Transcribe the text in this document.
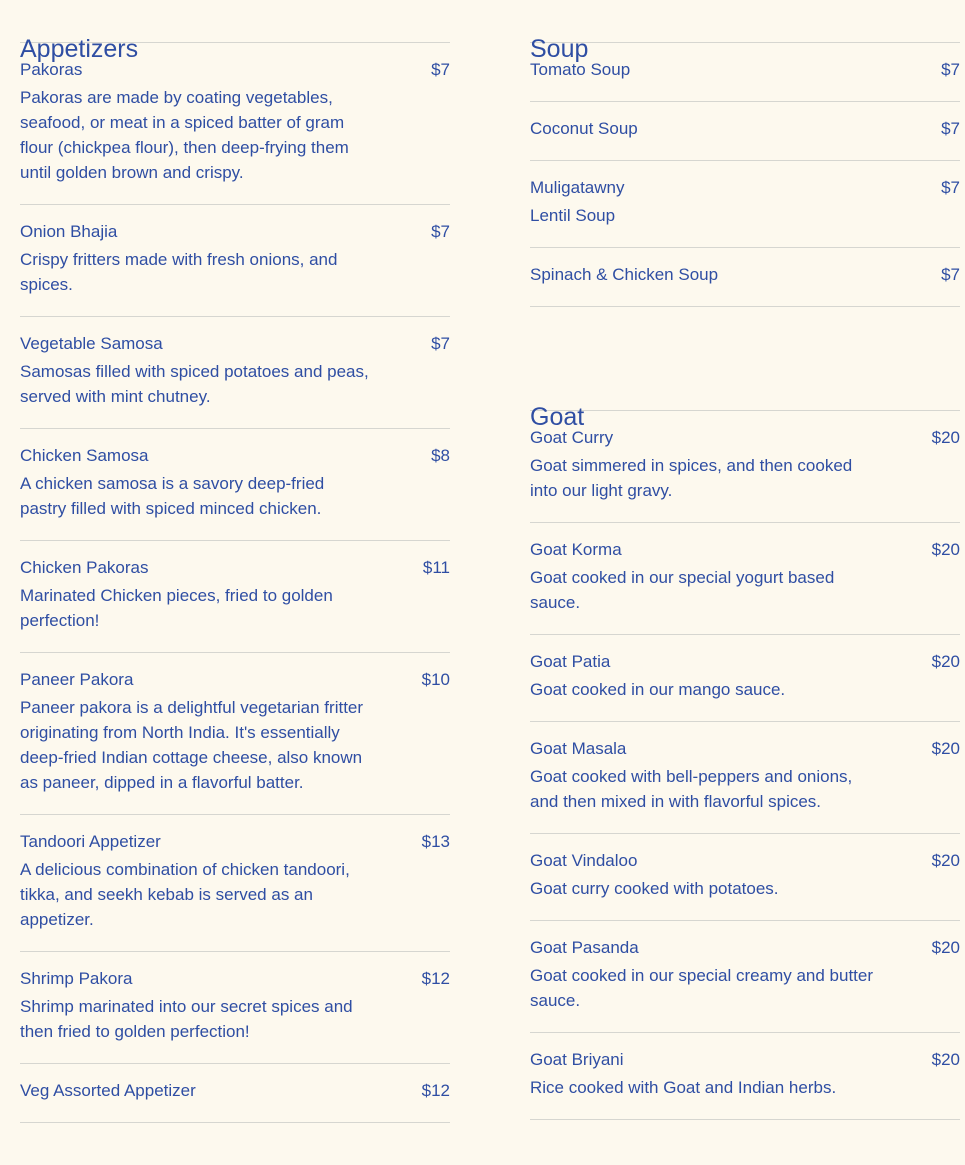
Appetizers
Pakoras	$7
Pakoras are made by coating vegetables, seafood, or meat in a spiced batter of gram flour (chickpea flour), then deep-frying them until golden brown and crispy.
Onion Bhajia	$7
Crispy fritters made with fresh onions, and spices.
Vegetable Samosa	$7
Samosas filled with spiced potatoes and peas, served with mint chutney.
Chicken Samosa	$8
A chicken samosa is a savory deep-fried pastry filled with spiced minced chicken.
Chicken Pakoras	$11
Marinated Chicken pieces, fried to golden perfection!
Paneer Pakora	$10
Paneer pakora is a delightful vegetarian fritter originating from North India. It's essentially deep-fried Indian cottage cheese, also known as paneer, dipped in a flavorful batter.
Tandoori Appetizer	$13
A delicious combination of chicken tandoori, tikka, and seekh kebab is served as an appetizer.
Shrimp Pakora	$12
Shrimp marinated into our secret spices and then fried to golden perfection!
Veg Assorted Appetizer	$12
Soup
Tomato Soup	$7
Coconut Soup	$7
Muligatawny	$7
Lentil Soup
Spinach & Chicken Soup	$7
Goat
Goat Curry	$20
Goat simmered in spices, and then cooked into our light gravy.
Goat Korma	$20
Goat cooked in our special yogurt based sauce.
Goat Patia	$20
Goat cooked in our mango sauce.
Goat Masala	$20
Goat cooked with bell-peppers and onions, and then mixed in with flavorful spices.
Goat Vindaloo	$20
Goat curry cooked with potatoes.
Goat Pasanda	$20
Goat cooked in our special creamy and butter sauce.
Goat Briyani	$20
Rice cooked with Goat and Indian herbs.
